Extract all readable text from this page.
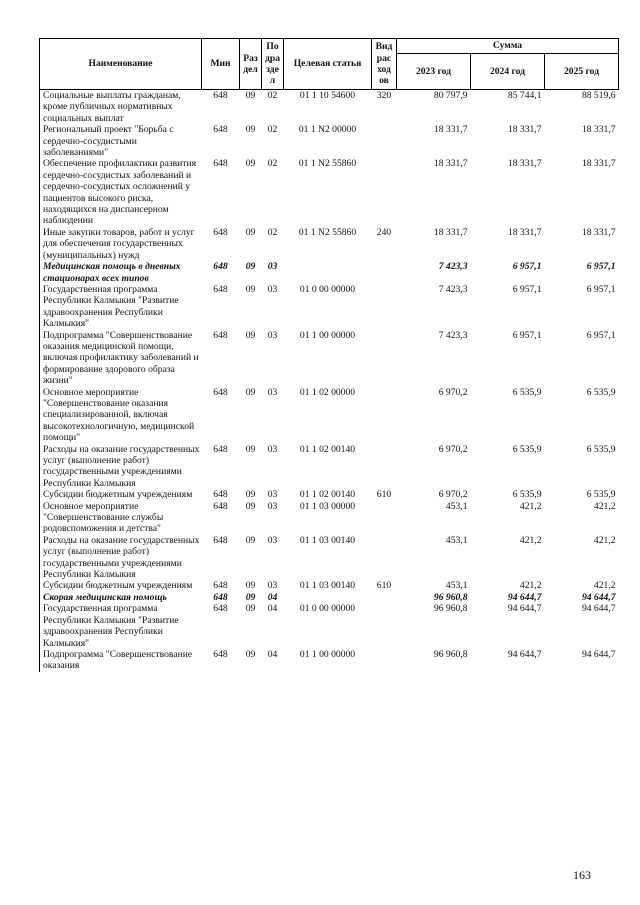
Наименование	Мин	Раз дел	По дра зде л	Целевая статья	Вид рас ход ов	Сумма		
						2023 год	2024 год	2025 год
Социальные выплаты гражданам, кроме публичных нормативных социальных выплат	648	09	02	01 1 10 54600	320	80 797,9	85 744,1	88 519,6
Региональный проект "Борьба с сердечно-сосудистыми заболеваниями"	648	09	02	01 1 N2 00000		18 331,7	18 331,7	18 331,7
Обеспечение профилактики развития сердечно-сосудистых заболеваний и сердечно-сосудистых осложнений у пациентов высокого риска, находящихся на диспансерном наблюдении	648	09	02	01 1 N2 55860		18 331,7	18 331,7	18 331,7
Иные закупки товаров, работ и услуг для обеспечения государственных (муниципальных) нужд	648	09	02	01 1 N2 55860	240	18 331,7	18 331,7	18 331,7
Медицинская помощь в дневных стационарах всех типов	648	09	03			7 423,3	6 957,1	6 957,1
Государственная программа Республики Калмыкия "Развитие здравоохранения Республики Калмыкия"	648	09	03	01 0 00 00000		7 423,3	6 957,1	6 957,1
Подпрограмма "Совершенствование оказания медицинской помощи, включая профилактику заболеваний и формирование здорового образа жизни"	648	09	03	01 1 00 00000		7 423,3	6 957,1	6 957,1
Основное мероприятие "Совершенствование оказания специализированной, включая высокотехнологичную, медицинской помощи"	648	09	03	01 1 02 00000		6 970,2	6 535,9	6 535,9
Расходы на оказание государственных услуг (выполнение работ) государственными учреждениями Республики Калмыкия	648	09	03	01 1 02 00140		6 970,2	6 535,9	6 535,9
Субсидии бюджетным учреждениям	648	09	03	01 1 02 00140	610	6 970,2	6 535,9	6 535,9
Основное мероприятие "Совершенствование службы родовспоможения и детства"	648	09	03	01 1 03 00000		453,1	421,2	421,2
Расходы на оказание государственных услуг (выполнение работ) государственными учреждениями Республики Калмыкия	648	09	03	01 1 03 00140		453,1	421,2	421,2
Субсидии бюджетным учреждениям	648	09	03	01 1 03 00140	610	453,1	421,2	421,2
Скорая медицинская помощь	648	09	04			96 960,8	94 644,7	94 644,7
Государственная программа Республики Калмыкия "Развитие здравоохранения Республики Калмыкия"	648	09	04	01 0 00 00000		96 960,8	94 644,7	94 644,7
Подпрограмма "Совершенствование оказания	648	09	04	01 1 00 00000		96 960,8	94 644,7	94 644,7
163
